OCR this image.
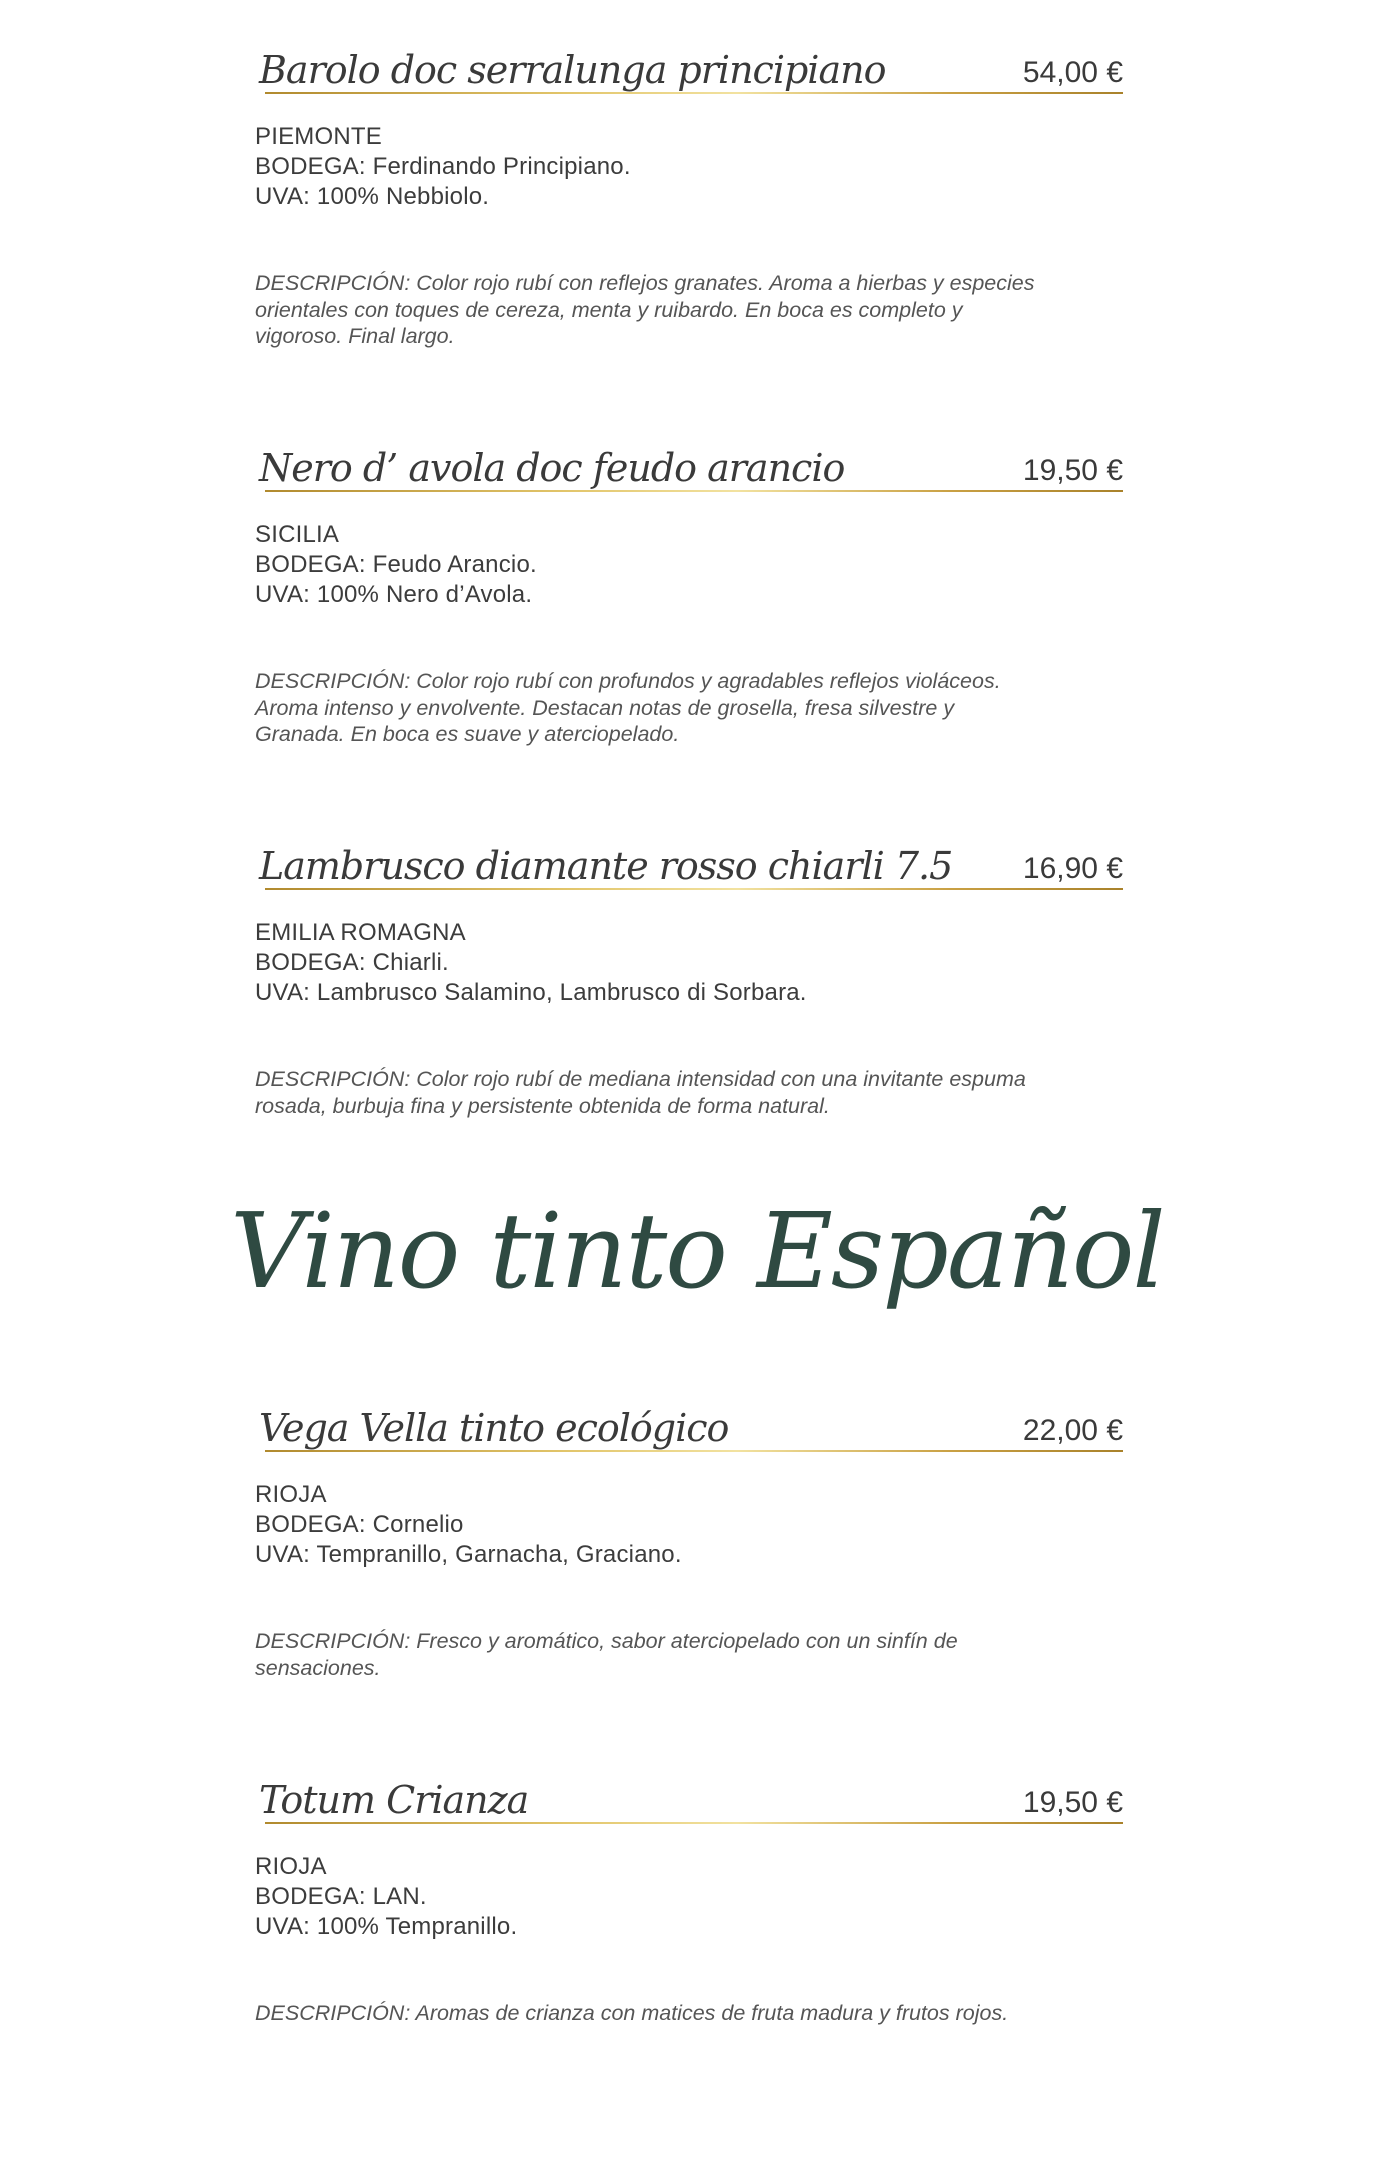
Barolo doc serralunga principiano	54,00 €
PIEMONTE
BODEGA: Ferdinando Principiano.
UVA: 100% Nebbiolo.
DESCRIPCIÓN: Color rojo rubí con reflejos granates. Aroma a hierbas y especies orientales con toques de cereza, menta y ruibardo. En boca es completo y vigoroso. Final largo.
Nero d’ avola doc feudo arancio	19,50 €
SICILIA
BODEGA: Feudo Arancio.
UVA: 100% Nero d’Avola.
DESCRIPCIÓN: Color rojo rubí con profundos y agradables reflejos violáceos. Aroma intenso y envolvente. Destacan notas de grosella, fresa silvestre y Granada. En boca es suave y aterciopelado.
Lambrusco diamante rosso chiarli 7.5 16,90 €
EMILIA ROMAGNA
BODEGA: Chiarli.
UVA: Lambrusco Salamino, Lambrusco di Sorbara.
DESCRIPCIÓN: Color rojo rubí de mediana intensidad con una invitante espuma rosada, burbuja fina y persistente obtenida de forma natural.
Vino tinto Español
Vega Vella tinto ecológico	22,00 €
RIOJA
BODEGA: Cornelio
UVA: Tempranillo, Garnacha, Graciano.
DESCRIPCIÓN: Fresco y aromático, sabor aterciopelado con un sinfín de sensaciones.
Totum Crianza	19,50 €
RIOJA
BODEGA: LAN.
UVA: 100% Tempranillo.
DESCRIPCIÓN: Aromas de crianza con matices de fruta madura y frutos rojos.
